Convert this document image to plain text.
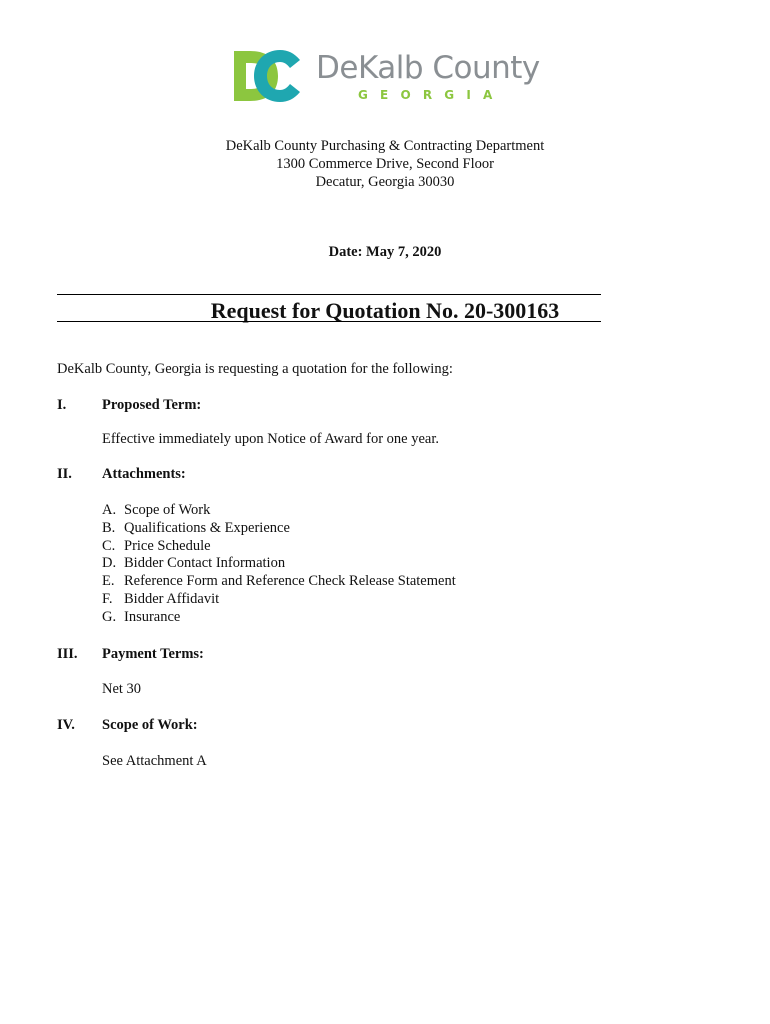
DeKalb County
GEORGIA
DeKalb County Purchasing & Contracting Department
1300 Commerce Drive, Second Floor
Decatur, Georgia 30030
Date: May 7, 2020
Request for Quotation No. 20-300163
DeKalb County, Georgia is requesting a quotation for the following:
I. Proposed Term:
Effective immediately upon Notice of Award for one year.
II. Attachments:
A. Scope of Work
B. Qualifications & Experience
C. Price Schedule
D. Bidder Contact Information
E. Reference Form and Reference Check Release Statement
F. Bidder Affidavit
G. Insurance
III. Payment Terms:
Net 30
IV. Scope of Work:
See Attachment A
